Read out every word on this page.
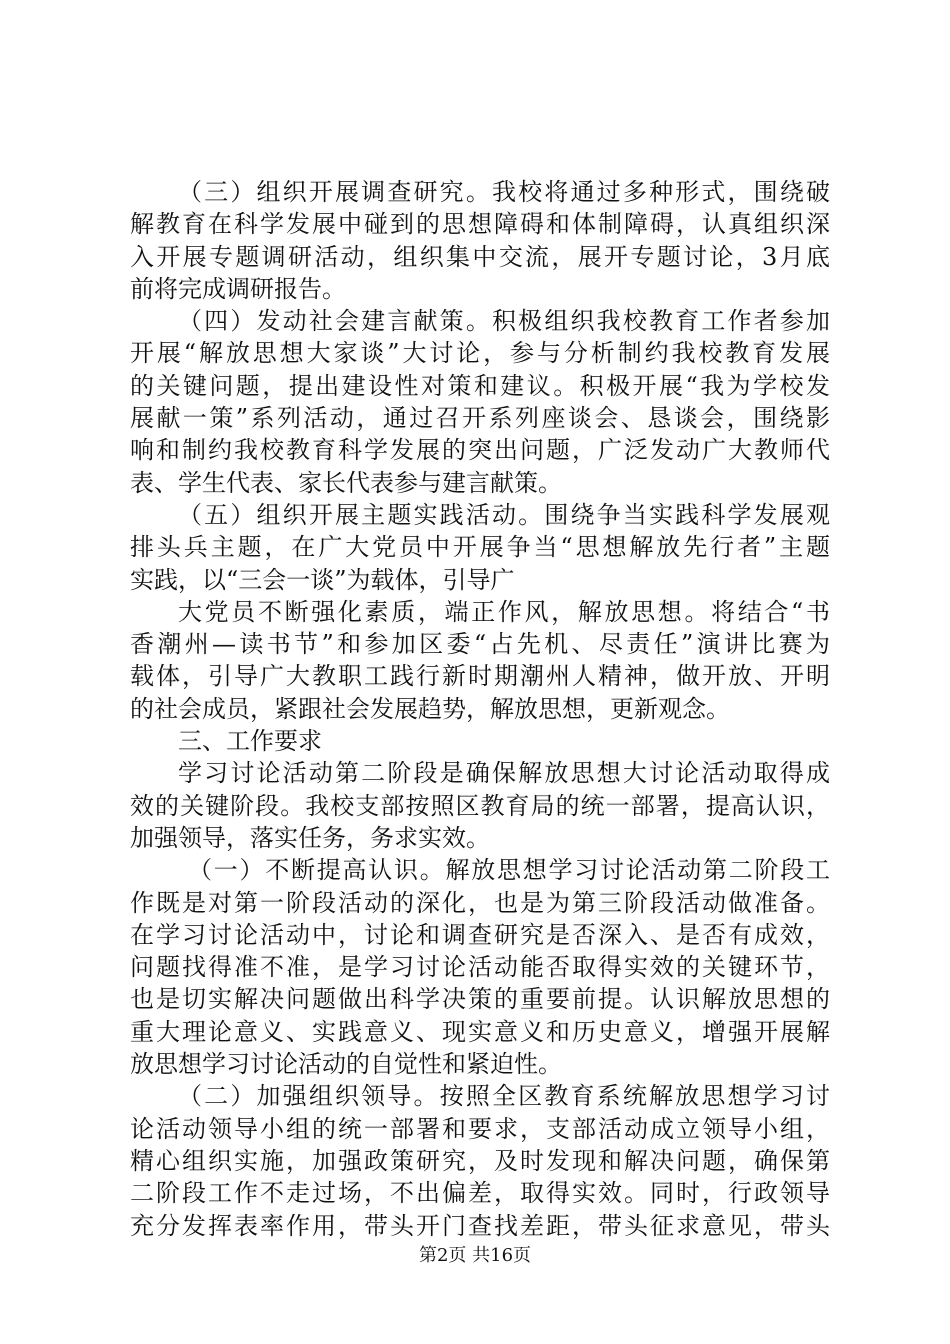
（三）组织开展调查研究。我校将通过多种形式，围绕破
解教育在科学发展中碰到的思想障碍和体制障碍，认真组织深
入开展专题调研活动，组织集中交流，展开专题讨论，3月底
前将完成调研报告。
（四）发动社会建言献策。积极组织我校教育工作者参加
开展“解放思想大家谈”大讨论，参与分析制约我校教育发展
的关键问题，提出建设性对策和建议。积极开展“我为学校发
展献一策”系列活动，通过召开系列座谈会、恳谈会，围绕影
响和制约我校教育科学发展的突出问题，广泛发动广大教师代
表、学生代表、家长代表参与建言献策。
（五）组织开展主题实践活动。围绕争当实践科学发展观
排头兵主题，在广大党员中开展争当“思想解放先行者”主题
实践，以“三会一谈”为载体，引导广
大党员不断强化素质，端正作风，解放思想。将结合“书
香潮州—读书节”和参加区委“占先机、尽责任”演讲比赛为
载体，引导广大教职工践行新时期潮州人精神，做开放、开明
的社会成员，紧跟社会发展趋势，解放思想，更新观念。
三、工作要求
学习讨论活动第二阶段是确保解放思想大讨论活动取得成
效的关键阶段。我校支部按照区教育局的统一部署，提高认识，
加强领导，落实任务，务求实效。
（一）不断提高认识。解放思想学习讨论活动第二阶段工
作既是对第一阶段活动的深化，也是为第三阶段活动做准备。
在学习讨论活动中，讨论和调查研究是否深入、是否有成效，
问题找得准不准，是学习讨论活动能否取得实效的关键环节，
也是切实解决问题做出科学决策的重要前提。认识解放思想的
重大理论意义、实践意义、现实意义和历史意义，增强开展解
放思想学习讨论活动的自觉性和紧迫性。
（二）加强组织领导。按照全区教育系统解放思想学习讨
论活动领导小组的统一部署和要求，支部活动成立领导小组，
精心组织实施，加强政策研究，及时发现和解决问题，确保第
二阶段工作不走过场，不出偏差，取得实效。同时，行政领导
充分发挥表率作用，带头开门查找差距，带头征求意见，带头
第2页 共16页
